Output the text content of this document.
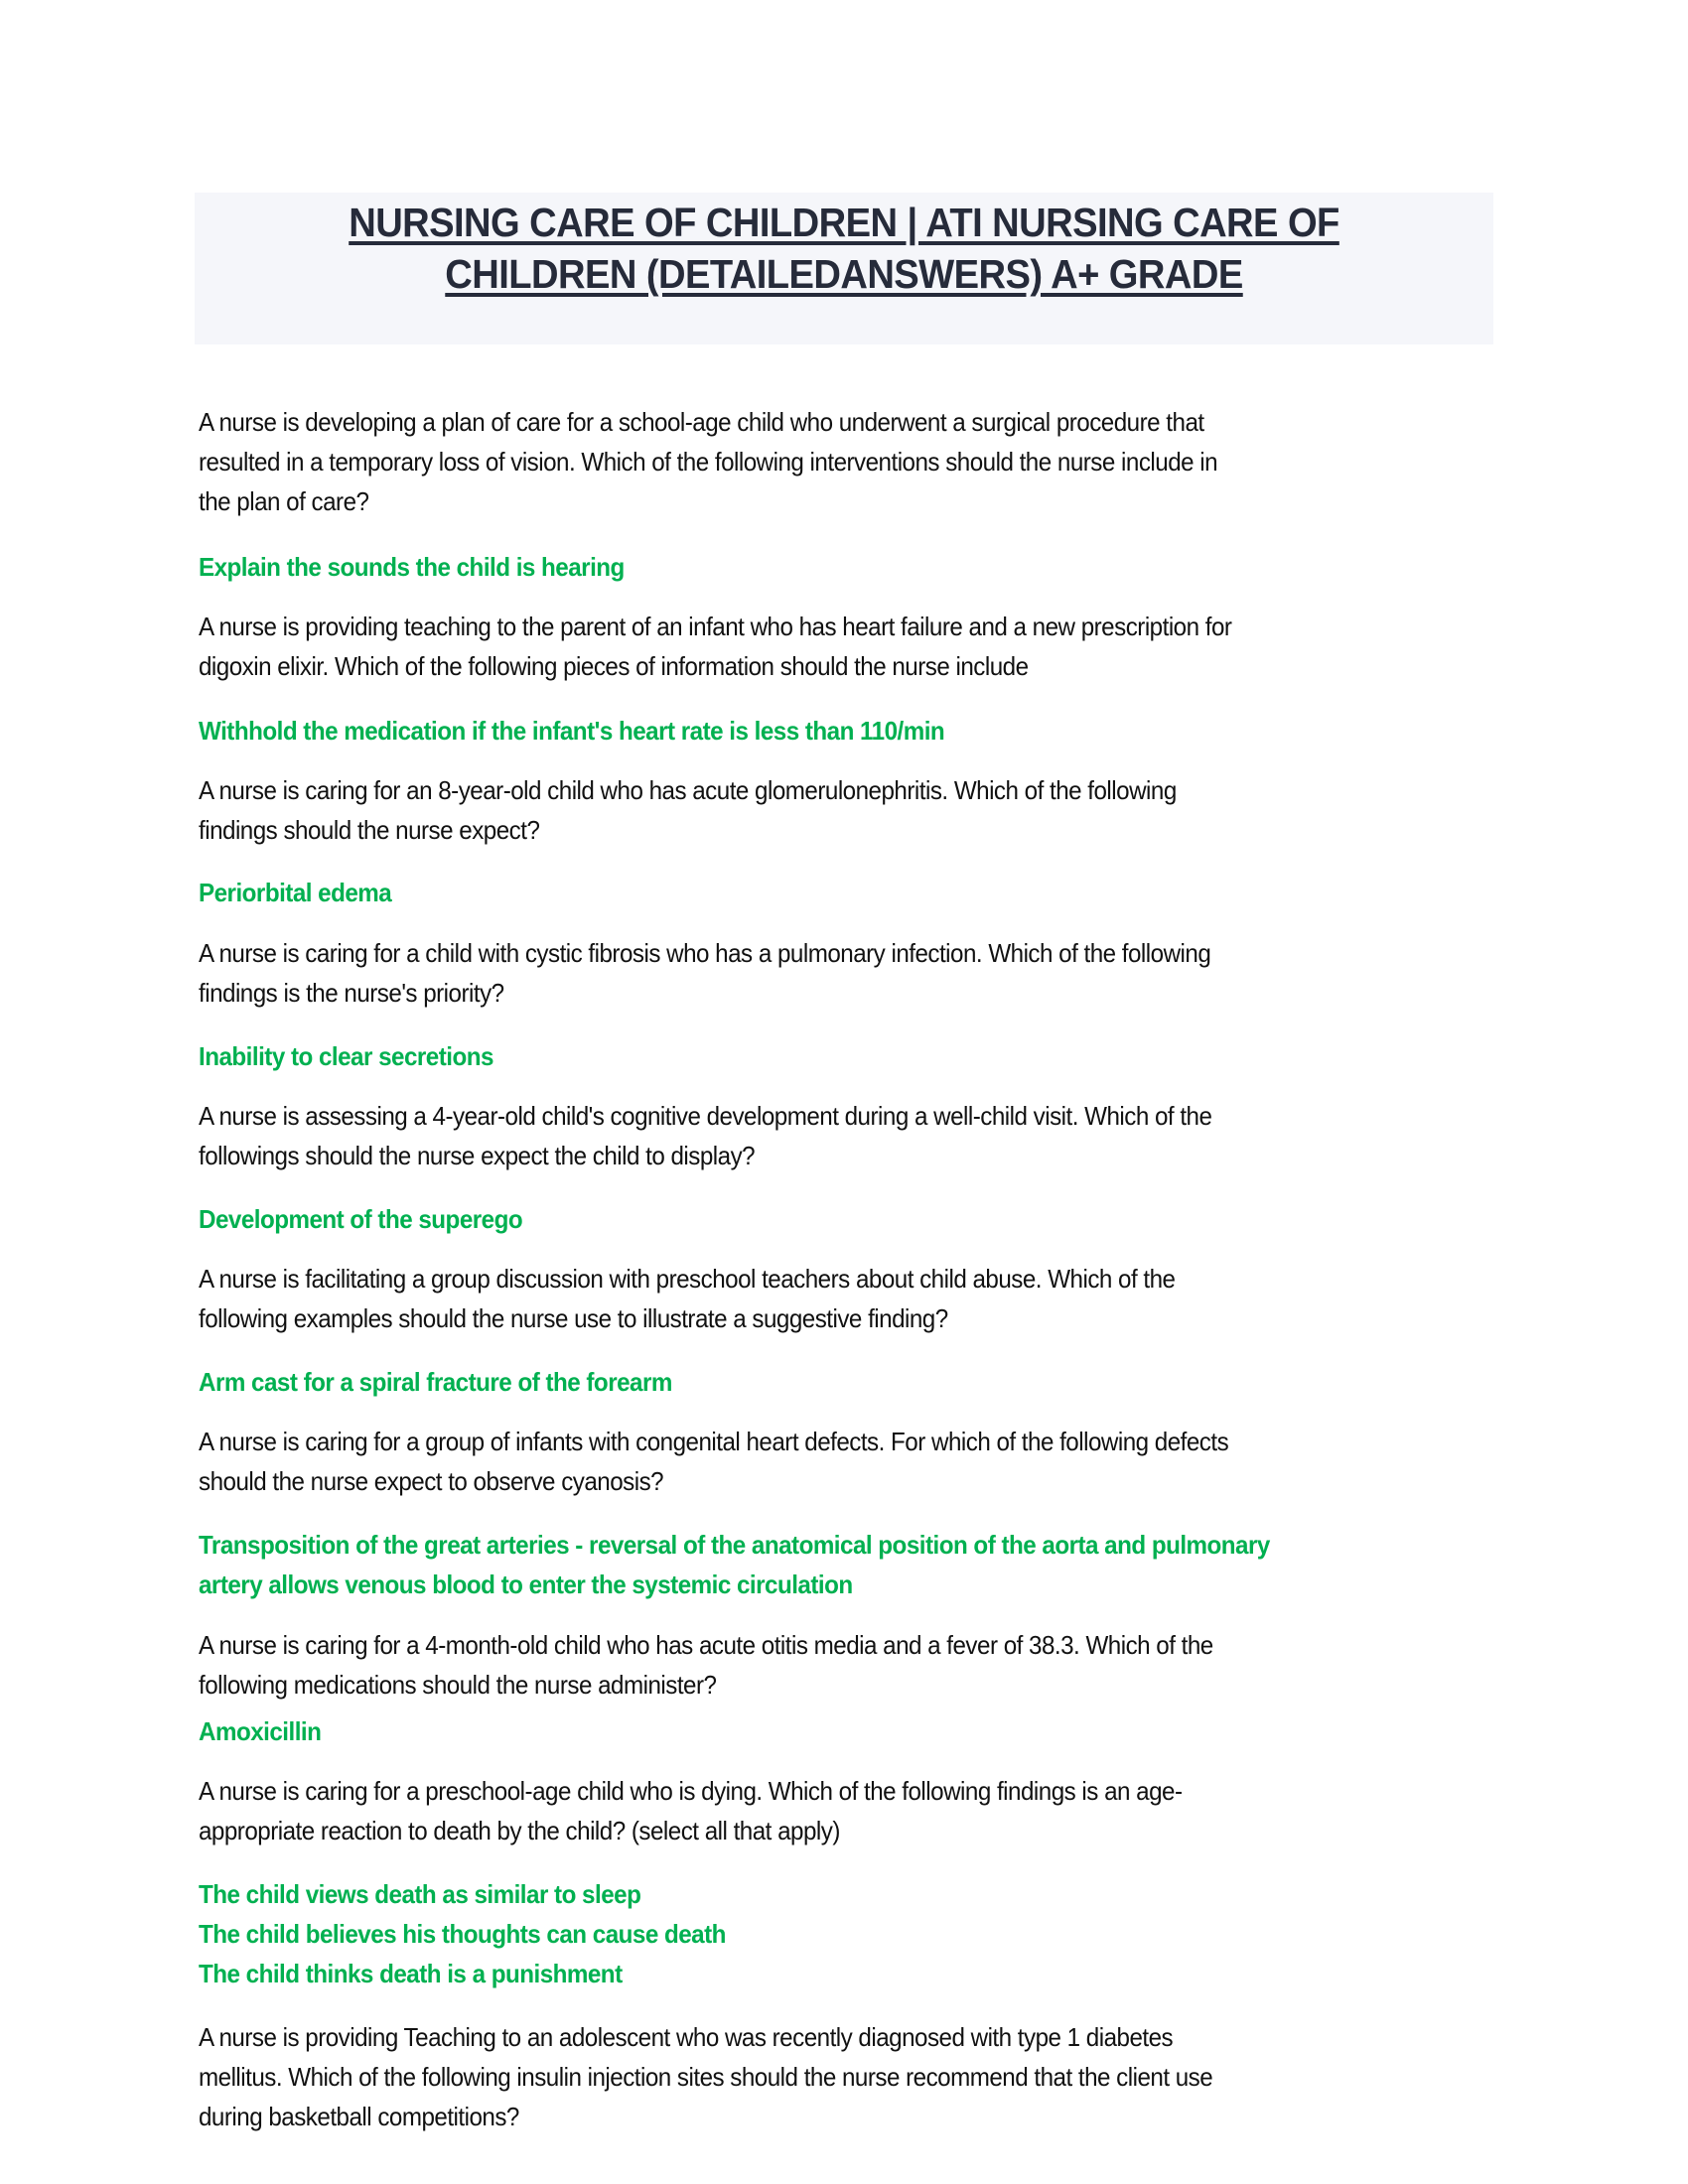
NURSING CARE OF CHILDREN | ATI NURSING CARE OF
CHILDREN (DETAILEDANSWERS) A+ GRADE

A nurse is developing a plan of care for a school-age child who underwent a surgical procedure that
resulted in a temporary loss of vision. Which of the following interventions should the nurse include in
the plan of care?

Explain the sounds the child is hearing

A nurse is providing teaching to the parent of an infant who has heart failure and a new prescription for
digoxin elixir. Which of the following pieces of information should the nurse include

Withhold the medication if the infant's heart rate is less than 110/min

A nurse is caring for an 8-year-old child who has acute glomerulonephritis. Which of the following
findings should the nurse expect?

Periorbital edema

A nurse is caring for a child with cystic fibrosis who has a pulmonary infection. Which of the following
findings is the nurse's priority?

Inability to clear secretions

A nurse is assessing a 4-year-old child's cognitive development during a well-child visit. Which of the
followings should the nurse expect the child to display?

Development of the superego

A nurse is facilitating a group discussion with preschool teachers about child abuse. Which of the
following examples should the nurse use to illustrate a suggestive finding?

Arm cast for a spiral fracture of the forearm

A nurse is caring for a group of infants with congenital heart defects. For which of the following defects
should the nurse expect to observe cyanosis?

Transposition of the great arteries - reversal of the anatomical position of the aorta and pulmonary
artery allows venous blood to enter the systemic circulation

A nurse is caring for a 4-month-old child who has acute otitis media and a fever of 38.3. Which of the
following medications should the nurse administer?

Amoxicillin

A nurse is caring for a preschool-age child who is dying. Which of the following findings is an age-
appropriate reaction to death by the child? (select all that apply)

The child views death as similar to sleep
The child believes his thoughts can cause death
The child thinks death is a punishment

A nurse is providing Teaching to an adolescent who was recently diagnosed with type 1 diabetes
mellitus. Which of the following insulin injection sites should the nurse recommend that the client use
during basketball competitions?
